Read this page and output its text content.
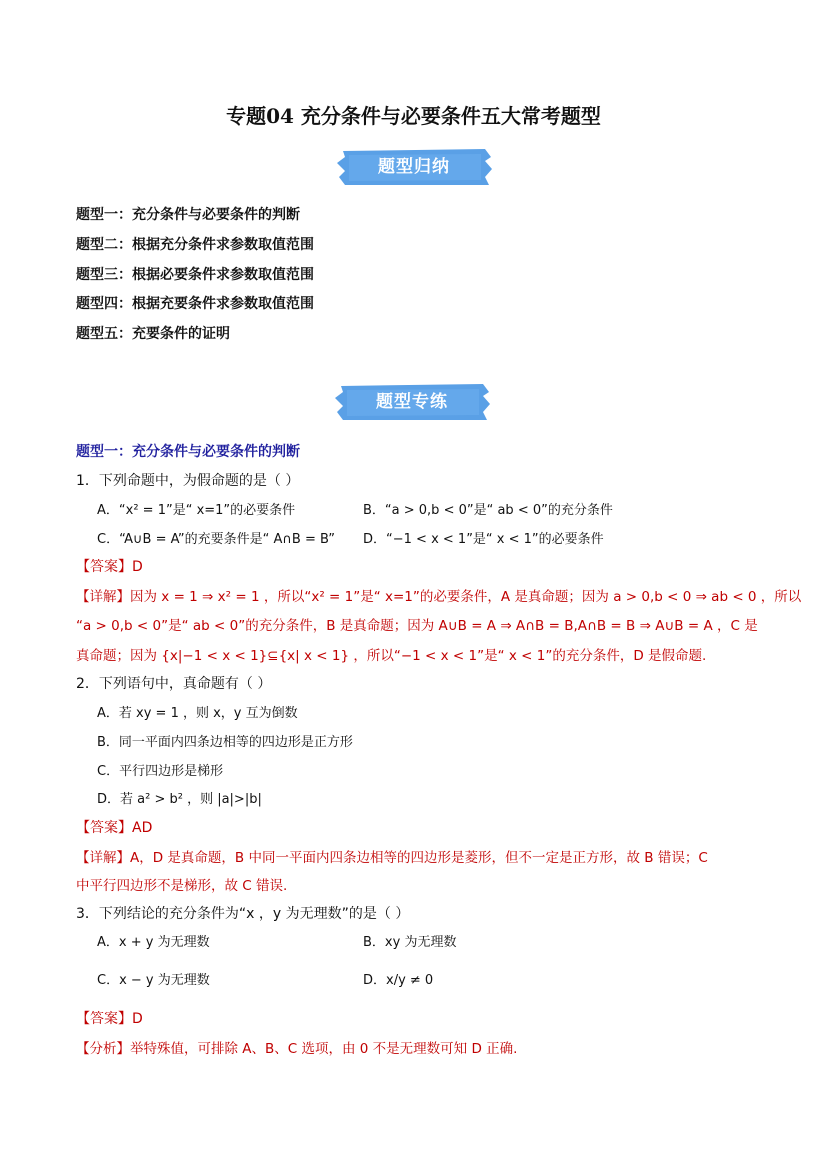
专题04 充分条件与必要条件五大常考题型
题型归纳
题型一：充分条件与必要条件的判断
题型二：根据充分条件求参数取值范围
题型三：根据必要条件求参数取值范围
题型四：根据充要条件求参数取值范围
题型五：充要条件的证明
题型专练
题型一：充分条件与必要条件的判断
1．下列命题中，为假命题的是（ ）
A．“x² = 1”是“ x=1”的必要条件	B．“a > 0,b < 0”是“ ab < 0”的充分条件
C．“A∪B = A”的充要条件是“ A∩B = B” D．“−1 < x < 1”是“ x < 1”的必要条件
【答案】D
【详解】因为 x = 1 ⇒ x² = 1 ，所以“x² = 1”是“ x=1”的必要条件，A 是真命题；因为 a > 0,b < 0 ⇒ ab < 0 ，所以
“a > 0,b < 0”是“ ab < 0”的充分条件，B 是真命题；因为 A∪B = A ⇒ A∩B = B,A∩B = B ⇒ A∪B = A ，C 是
真命题；因为 {x|−1 < x < 1}⊆{x| x < 1} ，所以“−1 < x < 1”是“ x < 1”的充分条件，D 是假命题.
2．下列语句中，真命题有（ ）
A．若 xy = 1 ，则 x，y 互为倒数
B．同一平面内四条边相等的四边形是正方形
C．平行四边形是梯形
D．若 a² > b² ，则 |a|>|b|
【答案】AD
【详解】A，D 是真命题，B 中同一平面内四条边相等的四边形是菱形，但不一定是正方形，故 B 错误；C
中平行四边形不是梯形，故 C 错误.
3．下列结论的充分条件为“x ，y 为无理数”的是（ ）
A．x + y 为无理数	B．xy 为无理数
C．x − y 为无理数	D．x/y ≠ 0
【答案】D
【分析】举特殊值，可排除 A、B、C 选项，由 0 不是无理数可知 D 正确.
